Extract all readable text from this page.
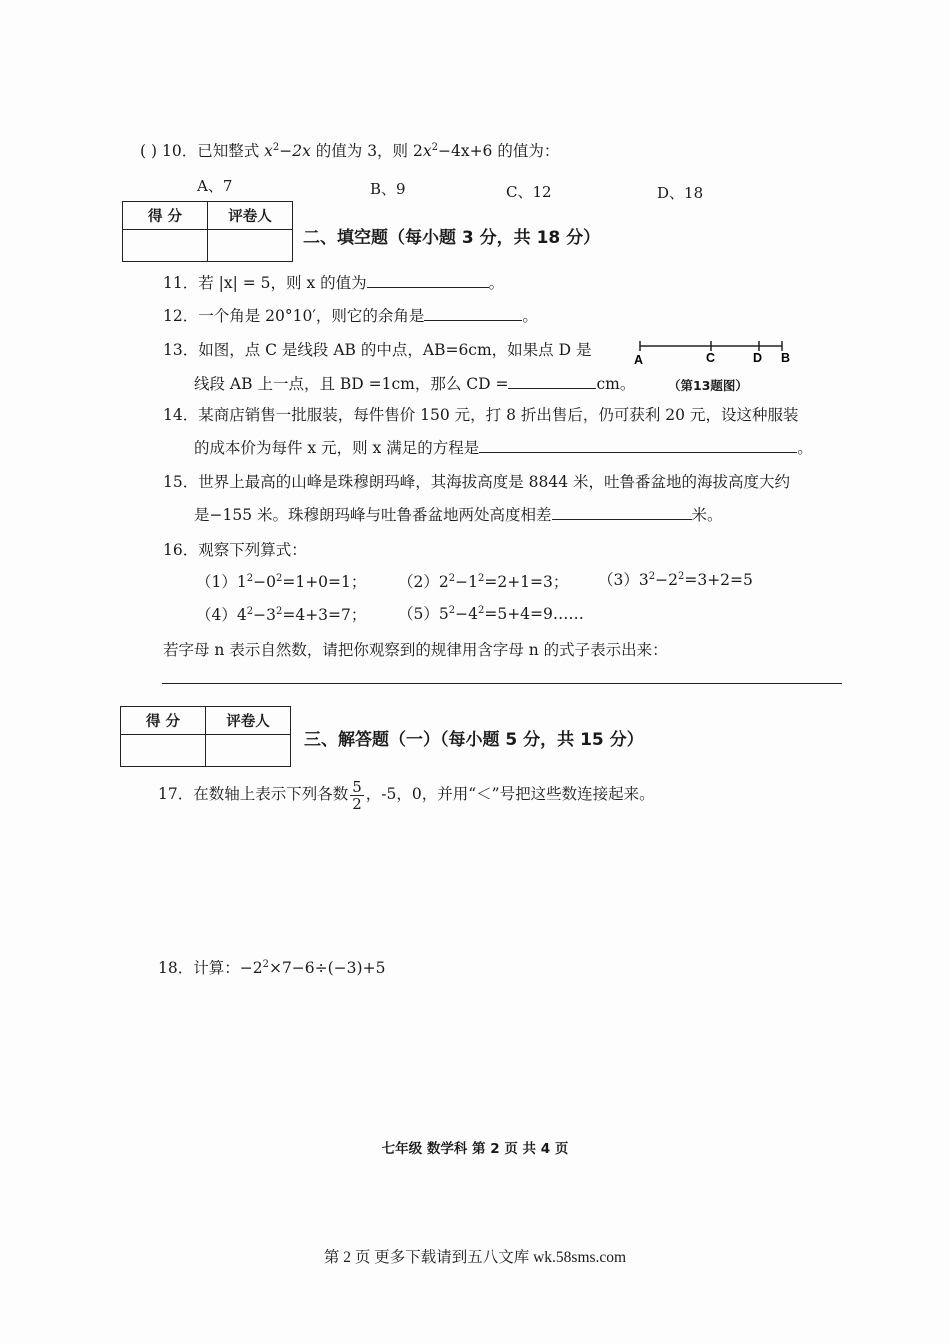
( ) 10．已知整式 $x^2-2x$ 的值为 3，则 $2x^2-4x+6$ 的值为：
A、7	B、9	C、12	D、18
得 分	评卷人

二、填空题（每小题 3 分，共 18 分）
11．若 |x| = 5，则 x 的值为	。
12．一个角是 20°10′，则它的余角是	。
13．如图，点 C 是线段 AB 的中点，AB=6cm，如果点 D 是
线段 AB 上一点，且 BD =1cm，那么 CD =	cm。
A	C	D B
（第13题图）
14．某商店销售一批服装，每件售价 150 元，打 8 折出售后，仍可获利 20 元，设这种服装
的成本价为每件 x 元，则 x 满足的方程是	。
15．世界上最高的山峰是珠穆朗玛峰，其海拔高度是 8844 米，吐鲁番盆地的海拔高度大约
是−155 米。珠穆朗玛峰与吐鲁番盆地两处高度相差	米。
16．观察下列算式：
$(1)1^2-0^2=1+0=1$； $(2)2^2-1^2=2+1=3$； $(3)3^2-2^2=3+2=5$
$(4)4^2-3^2=4+3=7$； $(5)5^2-4^2=5+4=9\dots\dots$
若字母 n 表示自然数，请把你观察到的规律用含字母 n 的式子表示出来：
得 分	评卷人

三、解答题（一）（每小题 5 分，共 15 分）
17．在数轴上表示下列各数 $\frac{5}{2}$ ，-5，0，并用“＜”号把这些数连接起来。
18．计算：$-2^2\times 7-6\div(-3)+5$
七年级 数学科 第 2 页 共 4 页
第 2 页 更多下载请到五八文库 wk.58sms.com
